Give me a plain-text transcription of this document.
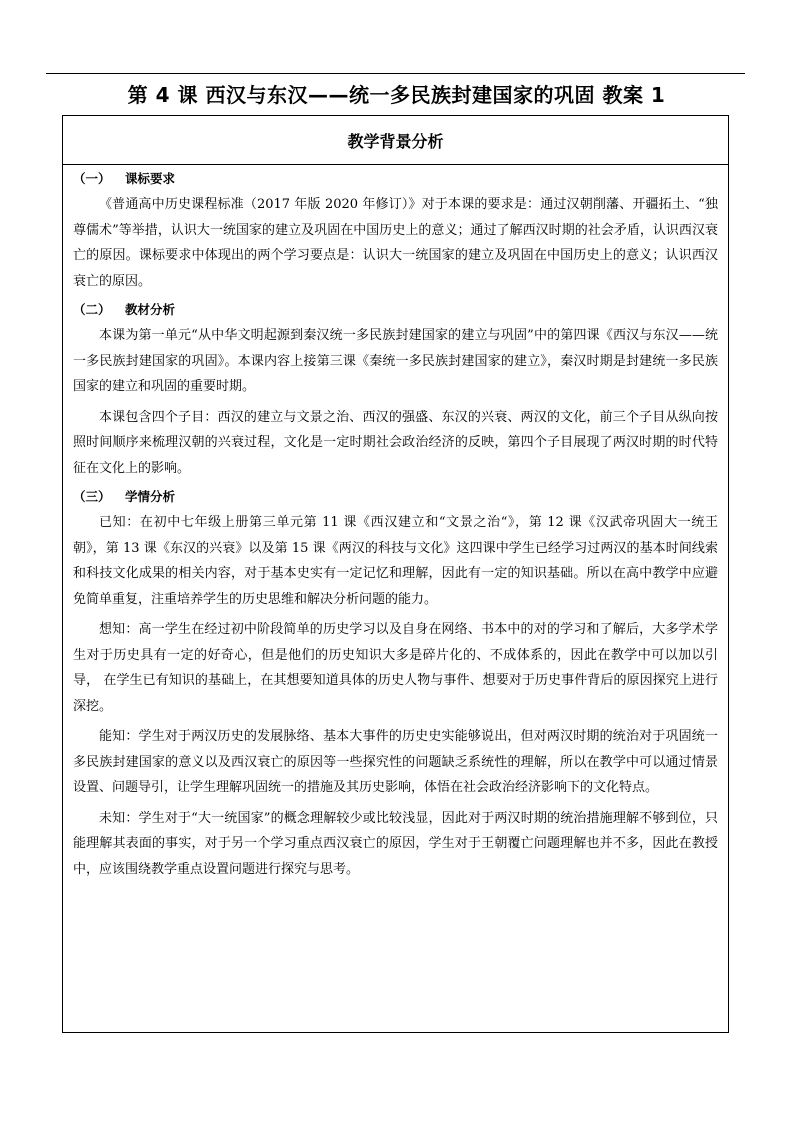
第 4 课 西汉与东汉——统一多民族封建国家的巩固 教案 1
教学背景分析
（一） 课标要求

《普通高中历史课程标准（2017 年版 2020 年修订）》对于本课的要求是：通过汉朝削藩、开疆拓土、“独尊儒术”等举措，认识大一统国家的建立及巩固在中国历史上的意义；通过了解西汉时期的社会矛盾，认识西汉衰亡的原因。课标要求中体现出的两个学习要点是：认识大一统国家的建立及巩固在中国历史上的意义；认识西汉衰亡的原因。

（二） 教材分析

本课为第一单元“从中华文明起源到秦汉统一多民族封建国家的建立与巩固”中的第四课《西汉与东汉——统一多民族封建国家的巩固》。本课内容上接第三课《秦统一多民族封建国家的建立》，秦汉时期是封建统一多民族国家的建立和巩固的重要时期。

本课包含四个子目：西汉的建立与文景之治、西汉的强盛、东汉的兴衰、两汉的文化，前三个子目从纵向按照时间顺序来梳理汉朝的兴衰过程，文化是一定时期社会政治经济的反映，第四个子目展现了两汉时期的时代特征在文化上的影响。

（三） 学情分析

已知：在初中七年级上册第三单元第 11 课《西汉建立和“文景之治“》，第 12 课《汉武帝巩固大一统王朝》，第 13 课《东汉的兴衰》以及第 15 课《两汉的科技与文化》这四课中学生已经学习过两汉的基本时间线索和科技文化成果的相关内容，对于基本史实有一定记忆和理解，因此有一定的知识基础。所以在高中教学中应避免简单重复，注重培养学生的历史思维和解决分析问题的能力。

想知：高一学生在经过初中阶段简单的历史学习以及自身在网络、书本中的对的学习和了解后，大多学术学生对于历史具有一定的好奇心，但是他们的历史知识大多是碎片化的、不成体系的，因此在教学中可以加以引导， 在学生已有知识的基础上，在其想要知道具体的历史人物与事件、想要对于历史事件背后的原因探究上进行深挖。

能知：学生对于两汉历史的发展脉络、基本大事件的历史史实能够说出，但对两汉时期的统治对于巩固统一多民族封建国家的意义以及西汉衰亡的原因等一些探究性的问题缺乏系统性的理解，所以在教学中可以通过情景设置、问题导引，让学生理解巩固统一的措施及其历史影响，体悟在社会政治经济影响下的文化特点。

未知：学生对于“大一统国家”的概念理解较少或比较浅显，因此对于两汉时期的统治措施理解不够到位，只能理解其表面的事实，对于另一个学习重点西汉衰亡的原因，学生对于王朝覆亡问题理解也并不多，因此在教授中，应该围绕教学重点设置问题进行探究与思考。
